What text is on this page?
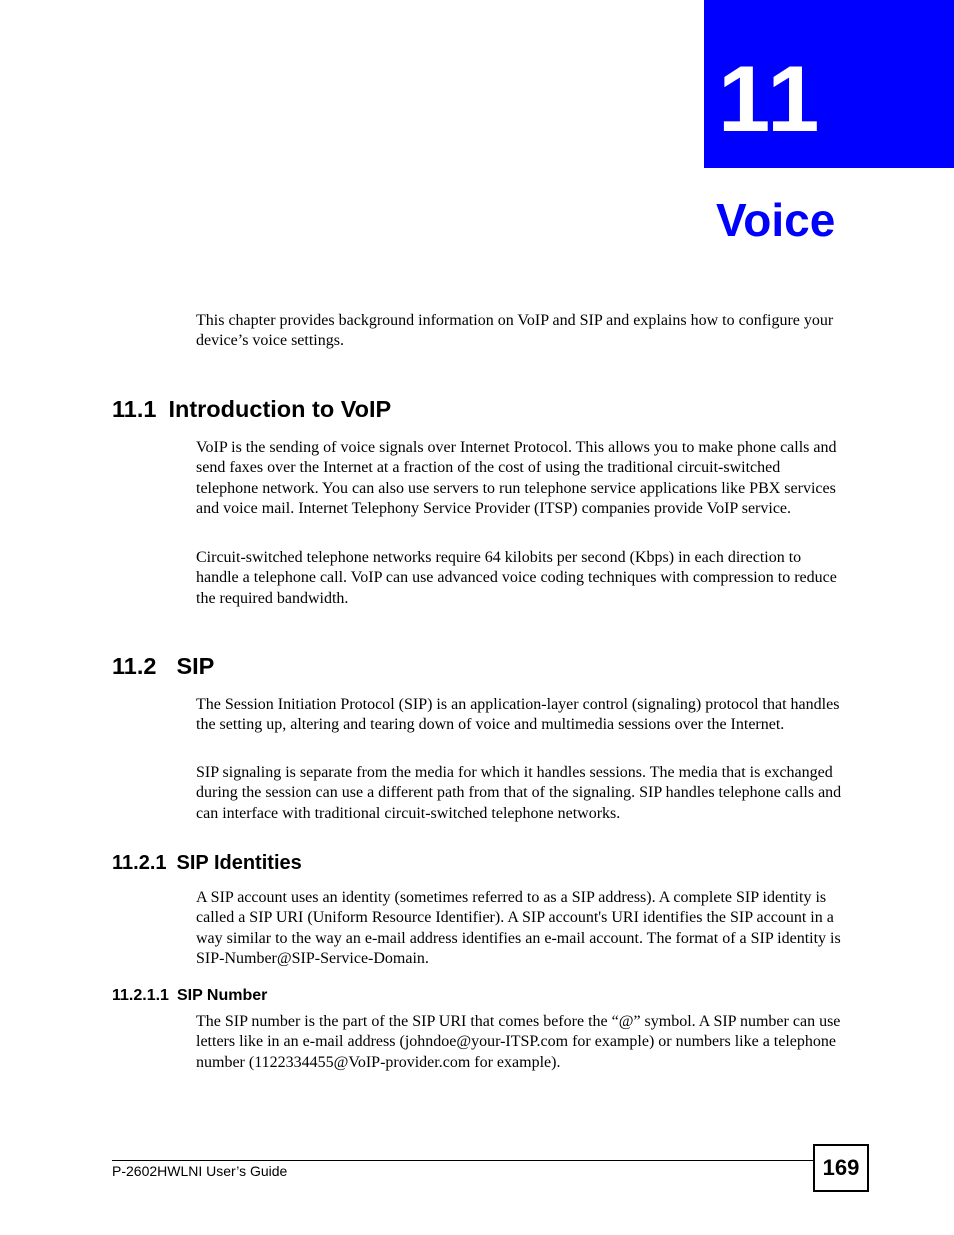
11
Voice

This chapter provides background information on VoIP and SIP and explains how to configure your device’s voice settings.

11.1 Introduction to VoIP

VoIP is the sending of voice signals over Internet Protocol. This allows you to make phone calls and send faxes over the Internet at a fraction of the cost of using the traditional circuit-switched telephone network. You can also use servers to run telephone service applications like PBX services and voice mail. Internet Telephony Service Provider (ITSP) companies provide VoIP service.

Circuit-switched telephone networks require 64 kilobits per second (Kbps) in each direction to handle a telephone call. VoIP can use advanced voice coding techniques with compression to reduce the required bandwidth.

11.2 SIP

The Session Initiation Protocol (SIP) is an application-layer control (signaling) protocol that handles the setting up, altering and tearing down of voice and multimedia sessions over the Internet.

SIP signaling is separate from the media for which it handles sessions. The media that is exchanged during the session can use a different path from that of the signaling. SIP handles telephone calls and can interface with traditional circuit-switched telephone networks.

11.2.1 SIP Identities

A SIP account uses an identity (sometimes referred to as a SIP address). A complete SIP identity is called a SIP URI (Uniform Resource Identifier). A SIP account's URI identifies the SIP account in a way similar to the way an e-mail address identifies an e-mail account. The format of a SIP identity is SIP-Number@SIP-Service-Domain.

11.2.1.1 SIP Number

The SIP number is the part of the SIP URI that comes before the “@” symbol. A SIP number can use letters like in an e-mail address (johndoe@your-ITSP.com for example) or numbers like a telephone number (1122334455@VoIP-provider.com for example).

P-2602HWLNI User’s Guide	169
